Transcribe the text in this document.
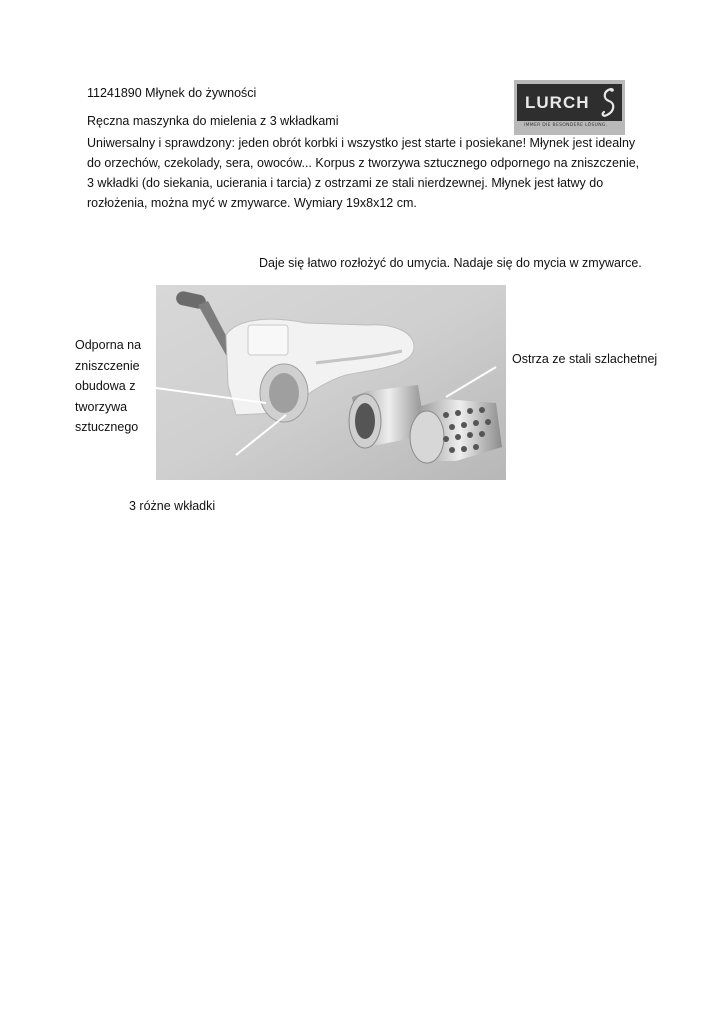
11241890 Młynek do żywności	LURCH
IMMER DIE BESONDERE LÖSUNG.
Ręczna maszynka do mielenia z 3 wkładkami
Uniwersalny i sprawdzony: jeden obrót korbki i wszystko jest starte i posiekane! Młynek jest idealny do orzechów, czekolady, sera, owoców... Korpus z tworzywa sztucznego odpornego na zniszczenie, 3 wkładki (do siekania, ucierania i tarcia) z ostrzami ze stali nierdzewnej. Młynek jest łatwy do rozłożenia, można myć w zmywarce. Wymiary 19x8x12 cm.
Daje się łatwo rozłożyć do umycia. Nadaje się do mycia w zmywarce.
Odporna na zniszczenie obudowa z tworzywa sztucznego
Ostrza ze stali szlachetnej
3 różne wkładki
